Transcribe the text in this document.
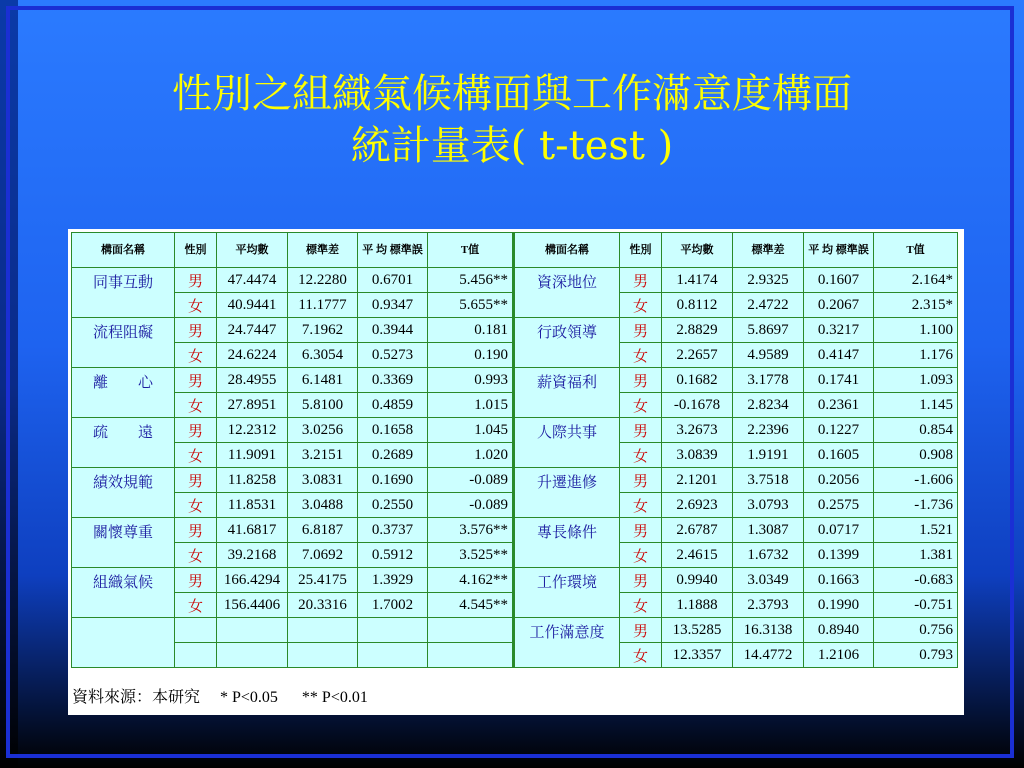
性別之組織氣候構面與工作滿意度構面
統計量表( t-test )
構面名稱	性別	平均數	標準差	平 均 標準誤	T值	構面名稱	性別	平均數	標準差	平 均 標準誤	T值
同事互動	男	47.4474	12.2280	0.6701	5.456**	資深地位	男	1.4174	2.9325	0.1607	2.164*
	女	40.9441	11.1777	0.9347	5.655**		女	0.8112	2.4722	0.2067	2.315*
流程阻礙	男	24.7447	7.1962	0.3944	0.181	行政領導	男	2.8829	5.8697	0.3217	1.100
	女	24.6224	6.3054	0.5273	0.190		女	2.2657	4.9589	0.4147	1.176
離　　心	男	28.4955	6.1481	0.3369	0.993	薪資福利	男	0.1682	3.1778	0.1741	1.093
	女	27.8951	5.8100	0.4859	1.015		女	-0.1678	2.8234	0.2361	1.145
疏　　遠	男	12.2312	3.0256	0.1658	1.045	人際共事	男	3.2673	2.2396	0.1227	0.854
	女	11.9091	3.2151	0.2689	1.020		女	3.0839	1.9191	0.1605	0.908
績效規範	男	11.8258	3.0831	0.1690	-0.089	升遷進修	男	2.1201	3.7518	0.2056	-1.606
	女	11.8531	3.0488	0.2550	-0.089		女	2.6923	3.0793	0.2575	-1.736
關懷尊重	男	41.6817	6.8187	0.3737	3.576**	專長條件	男	2.6787	1.3087	0.0717	1.521
	女	39.2168	7.0692	0.5912	3.525**		女	2.4615	1.6732	0.1399	1.381
組織氣候	男	166.4294	25.4175	1.3929	4.162**	工作環境	男	0.9940	3.0349	0.1663	-0.683
	女	156.4406	20.3316	1.7002	4.545**		女	1.1888	2.3793	0.1990	-0.751
						工作滿意度	男	13.5285	16.3138	0.8940	0.756
							女	12.3357	14.4772	1.2106	0.793
資料來源：本研究　 * P<0.05 　 ** P<0.01
